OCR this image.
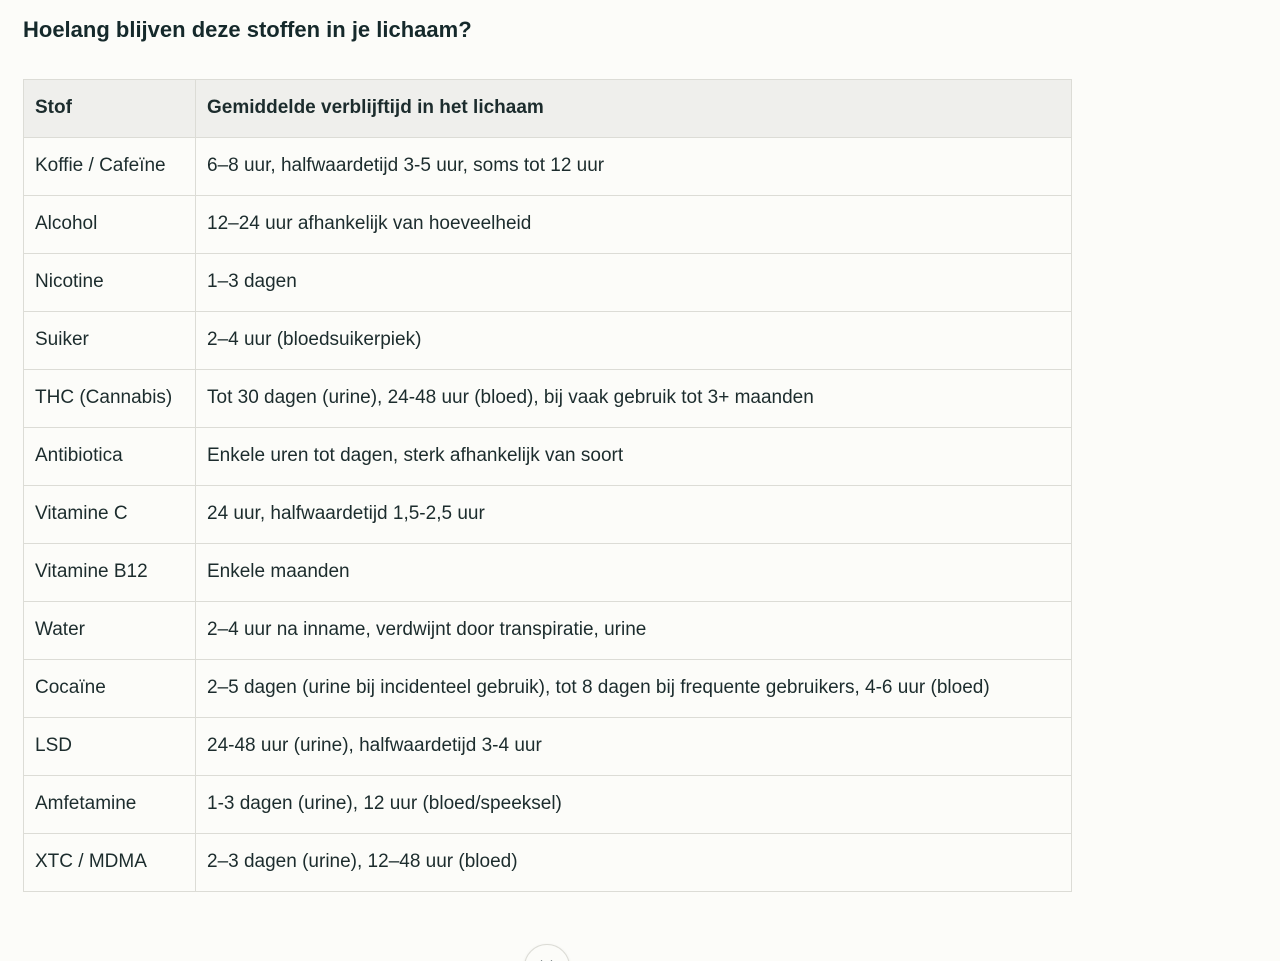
Hoelang blijven deze stoffen in je lichaam?
Stof	Gemiddelde verblijftijd in het lichaam
Koffie / Cafeïne	6–8 uur, halfwaardetijd 3-5 uur, soms tot 12 uur
Alcohol	12–24 uur afhankelijk van hoeveelheid
Nicotine	1–3 dagen
Suiker	2–4 uur (bloedsuikerpiek)
THC (Cannabis)	Tot 30 dagen (urine), 24-48 uur (bloed), bij vaak gebruik tot 3+ maanden
Antibiotica	Enkele uren tot dagen, sterk afhankelijk van soort
Vitamine C	24 uur, halfwaardetijd 1,5-2,5 uur
Vitamine B12	Enkele maanden
Water	2–4 uur na inname, verdwijnt door transpiratie, urine
Cocaïne	2–5 dagen (urine bij incidenteel gebruik), tot 8 dagen bij frequente gebruikers, 4-6 uur (bloed)
LSD	24-48 uur (urine), halfwaardetijd 3-4 uur
Amfetamine	1-3 dagen (urine), 12 uur (bloed/speeksel)
XTC / MDMA	2–3 dagen (urine), 12–48 uur (bloed)
